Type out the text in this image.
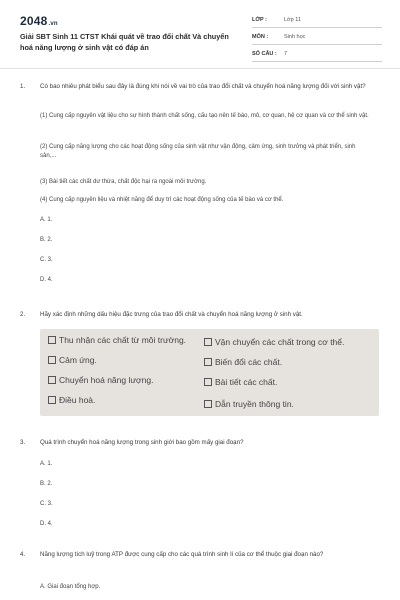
2048.vn
Giải SBT Sinh 11 CTST Khái quát về trao đổi chất Và chuyển hoá năng lượng ở sinh vật có đáp án
LỚP :	Lớp 11
MÔN :	Sinh học
SỐ CÂU :	7
1. Có bao nhiêu phát biểu sau đây là đúng khi nói về vai trò của trao đổi chất và chuyển hoá năng lượng đối với sinh vật?
(1) Cung cấp nguyên vật liệu cho sự hình thành chất sống, cấu tạo nên tế bào, mô, cơ quan, hệ cơ quan và cơ thể sinh vật.
(2) Cung cấp năng lượng cho các hoạt động sống của sinh vật như vận động, cảm ứng, sinh trưởng và phát triển, sinh sản,...
(3) Bài tiết các chất dư thừa, chất độc hại ra ngoài môi trường.
(4) Cung cấp nguyên liệu và nhiệt năng để duy trì các hoạt động sống của tế bào và cơ thể.
A. 1.
B. 2.
C. 3.
D. 4.
2. Hãy xác định những dấu hiệu đặc trưng của trao đổi chất và chuyển hoá năng lượng ở sinh vật.
Thu nhận các chất từ môi trường.	Vận chuyển các chất trong cơ thể.
Cảm ứng.	Biến đổi các chất.
Chuyển hoá năng lượng.	Bài tiết các chất.
Điều hoà.	Dẫn truyền thông tin.
3. Quá trình chuyển hoá năng lượng trong sinh giới bao gồm mấy giai đoạn?
A. 1.
B. 2.
C. 3.
D. 4.
4. Năng lượng tích luỹ trong ATP được cung cấp cho các quá trình sinh lí của cơ thể thuộc giai đoạn nào?
A. Giai đoạn tổng hợp.
